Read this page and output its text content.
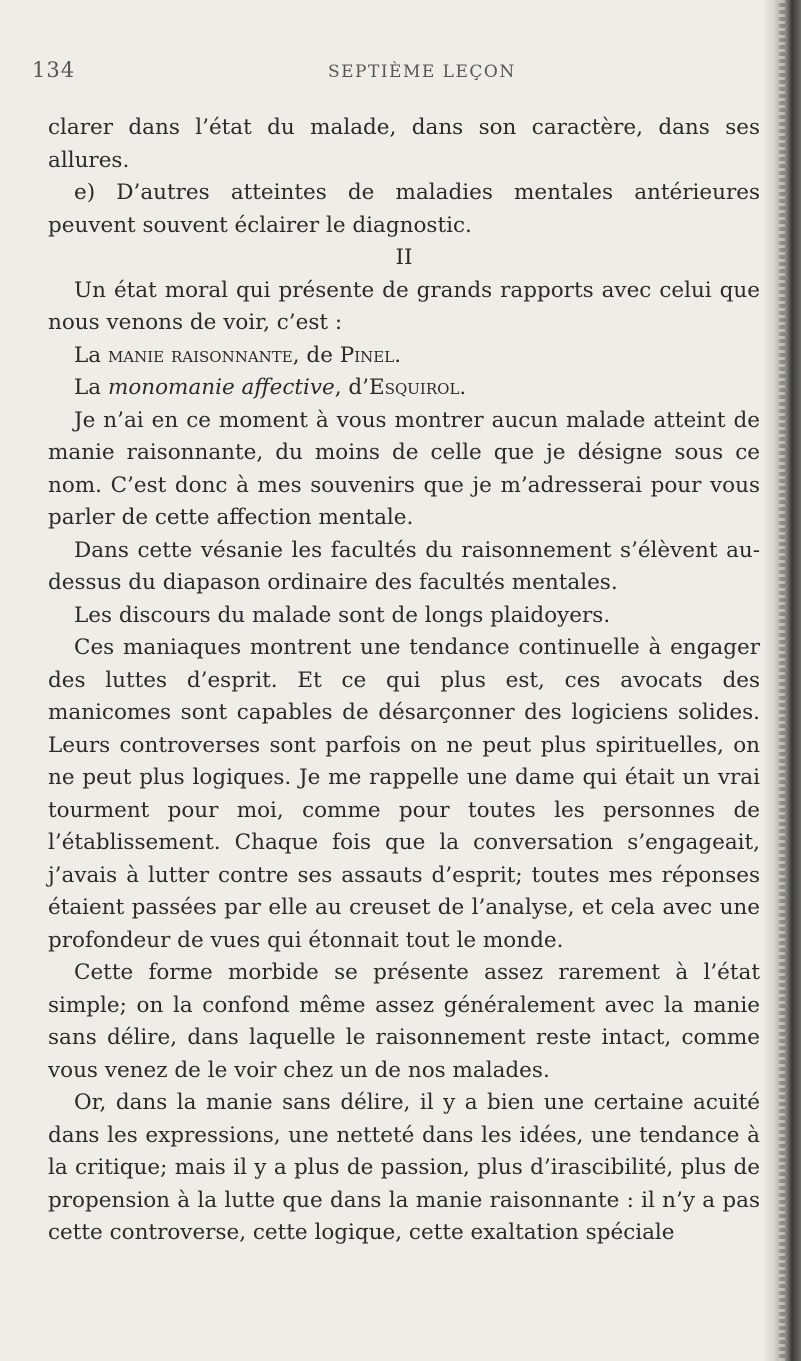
134	SEPTIÈME LEÇON

clarer dans l’état du malade, dans son caractère, dans ses allures.

e) D’autres atteintes de maladies mentales antérieures peuvent souvent éclairer le diagnostic.

II

Un état moral qui présente de grands rapports avec celui que nous venons de voir, c’est :

La manie raisonnante, de Pinel.

La monomanie affective, d’Esquirol.

Je n’ai en ce moment à vous montrer aucun malade atteint de manie raisonnante, du moins de celle que je désigne sous ce nom. C’est donc à mes souvenirs que je m’adresserai pour vous parler de cette affection mentale.

Dans cette vésanie les facultés du raisonnement s’élèvent au-dessus du diapason ordinaire des facultés mentales.

Les discours du malade sont de longs plaidoyers.

Ces maniaques montrent une tendance continuelle à engager des luttes d’esprit. Et ce qui plus est, ces avocats des manicomes sont capables de désarçonner des logiciens solides. Leurs controverses sont parfois on ne peut plus spirituelles, on ne peut plus logiques. Je me rappelle une dame qui était un vrai tourment pour moi, comme pour toutes les personnes de l’établissement. Chaque fois que la conversation s’engageait, j’avais à lutter contre ses assauts d’esprit; toutes mes réponses étaient passées par elle au creuset de l’analyse, et cela avec une profondeur de vues qui étonnait tout le monde.

Cette forme morbide se présente assez rarement à l’état simple; on la confond même assez généralement avec la manie sans délire, dans laquelle le raisonnement reste intact, comme vous venez de le voir chez un de nos malades.

Or, dans la manie sans délire, il y a bien une certaine acuité dans les expressions, une netteté dans les idées, une tendance à la critique; mais il y a plus de passion, plus d’irascibilité, plus de propension à la lutte que dans la manie raisonnante : il n’y a pas cette controverse, cette logique, cette exaltation spéciale
